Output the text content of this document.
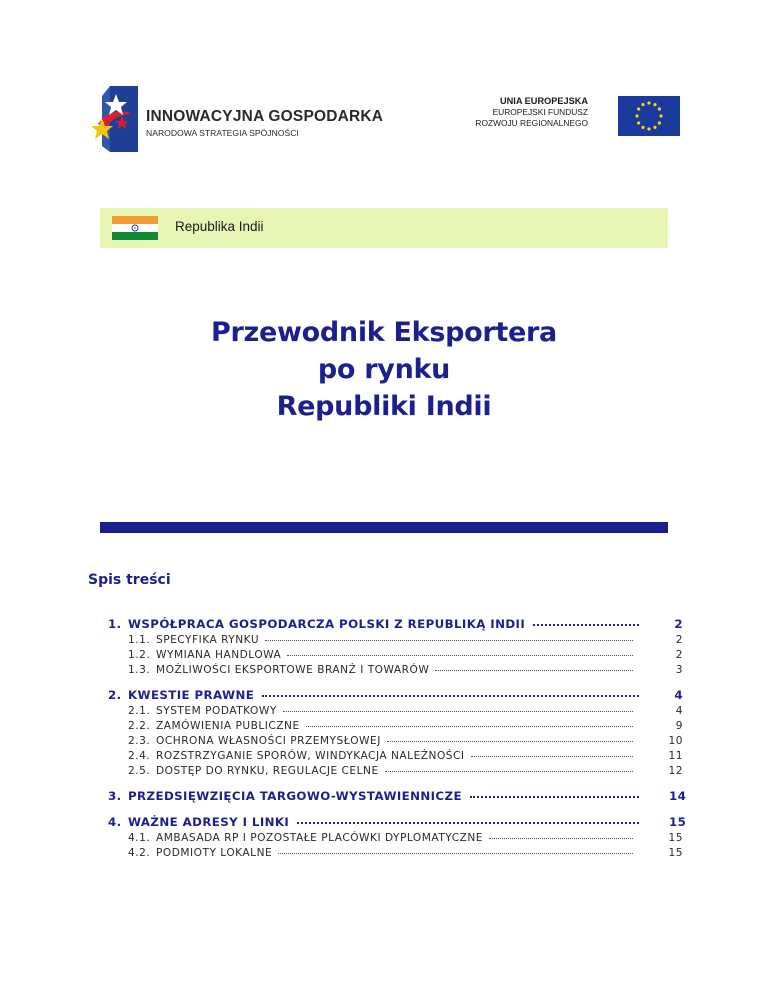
INNOWACYJNA GOSPODARKA
NARODOWA STRATEGIA SPÓJNOŚCI
UNIA EUROPEJSKA
EUROPEJSKI FUNDUSZ
ROZWOJU REGIONALNEGO
Republika Indii
Przewodnik Eksportera
po rynku
Republiki Indii
Spis treści
1. WSPÓŁPRACA GOSPODARCZA POLSKI Z REPUBLIKĄ INDII	2
1.1. SPECYFIKA RYNKU	2
1.2. WYMIANA HANDLOWA	2
1.3. MOŻLIWOŚCI EKSPORTOWE BRANŻ I TOWARÓW	3
2. KWESTIE PRAWNE	4
2.1. SYSTEM PODATKOWY	4
2.2. ZAMÓWIENIA PUBLICZNE	9
2.3. OCHRONA WŁASNOŚCI PRZEMYSŁOWEJ	10
2.4. ROZSTRZYGANIE SPORÓW, WINDYKACJA NALEŻNOŚCI	11
2.5. DOSTĘP DO RYNKU, REGULACJE CELNE	12
3. PRZEDSIĘWZIĘCIA TARGOWO-WYSTAWIENNICZE	14
4. WAŻNE ADRESY I LINKI	15
4.1. AMBASADA RP I POZOSTAŁE PLACÓWKI DYPLOMATYCZNE	15
4.2. PODMIOTY LOKALNE	15
